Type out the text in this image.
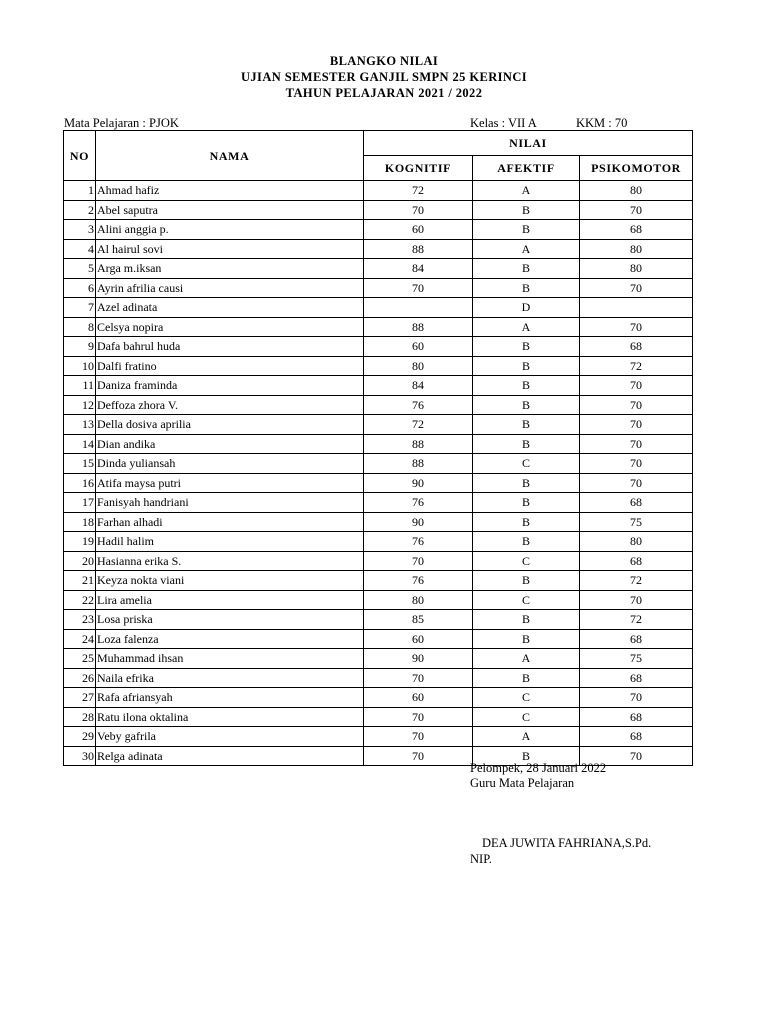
BLANGKO NILAI
UJIAN SEMESTER GANJIL SMPN 25 KERINCI
TAHUN PELAJARAN 2021 / 2022
Mata Pelajaran : PJOK	Kelas : VII A	KKM : 70
NO	NAMA	NILAI		
		KOGNITIF	AFEKTIF	PSIKOMOTOR
1	Ahmad hafiz	72	A	80
2	Abel saputra	70	B	70
3	Alini anggia p.	60	B	68
4	Al hairul sovi	88	A	80
5	Arga m.iksan	84	B	80
6	Ayrin afrilia causi	70	B	70
7	Azel adinata		D	
8	Celsya nopira	88	A	70
9	Dafa bahrul huda	60	B	68
10	Dalfi fratino	80	B	72
11	Daniza framinda	84	B	70
12	Deffoza zhora V.	76	B	70
13	Della dosiva aprilia	72	B	70
14	Dian andika	88	B	70
15	Dinda yuliansah	88	C	70
16	Atifa maysa putri	90	B	70
17	Fanisyah handriani	76	B	68
18	Farhan alhadi	90	B	75
19	Hadil halim	76	B	80
20	Hasianna erika S.	70	C	68
21	Keyza nokta viani	76	B	72
22	Lira amelia	80	C	70
23	Losa priska	85	B	72
24	Loza falenza	60	B	68
25	Muhammad ihsan	90	A	75
26	Naila efrika	70	B	68
27	Rafa afriansyah	60	C	70
28	Ratu ilona oktalina	70	C	68
29	Veby gafrila	70	A	68
30	Relga adinata	70	B	70
Pelompek, 28 Januari 2022
Guru Mata Pelajaran
DEA JUWITA FAHRIANA,S.Pd.
NIP.
